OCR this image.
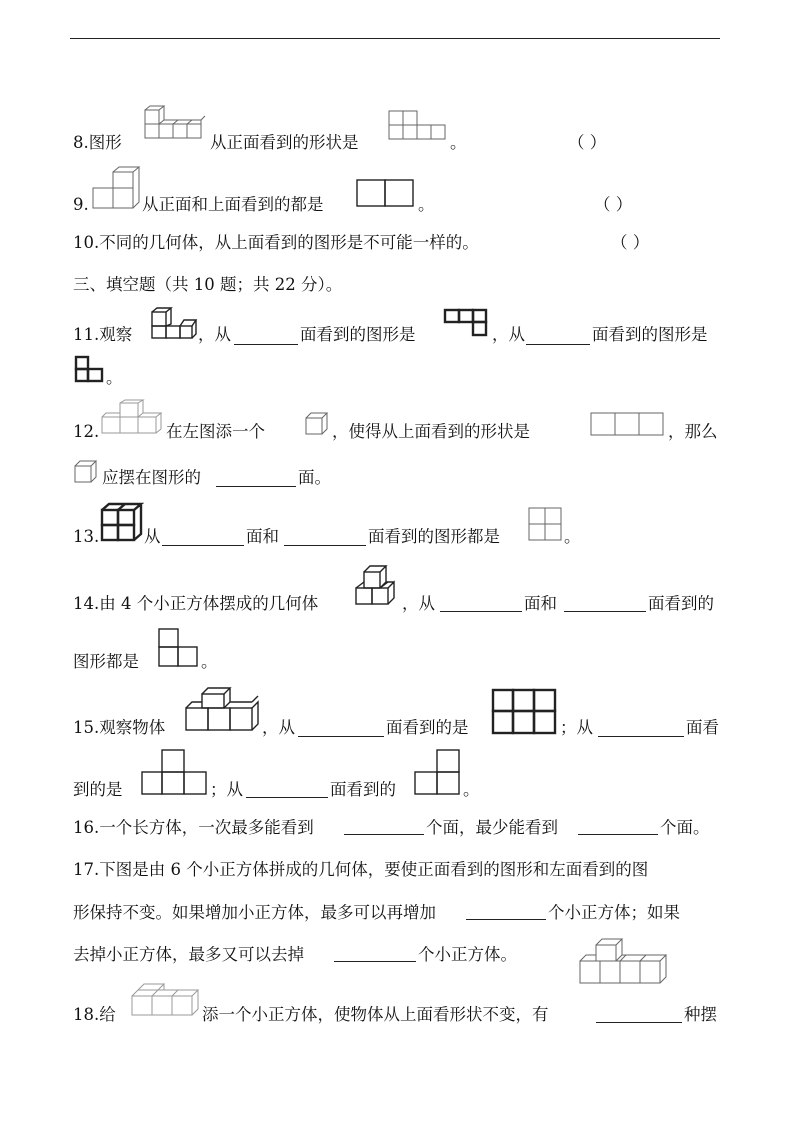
8.图形	从正面看到的形状是	。	（ ）
9.	从正面和上面看到的都是	。	（ ）
10.不同的几何体，从上面看到的图形是不可能一样的。	（ ）
三、填空题（共 10 题；共 22 分）。
11.观察	，从	面看到的图形是	，从	面看到的图形是
。
12.	在左图添一个	，使得从上面看到的形状是	，那么
应摆在图形的	面。
13.	从	面和	面看到的图形都是	。
14.由 4 个小正方体摆成的几何体	，从	面和	面看到的
图形都是	。
15.观察物体	，从	面看到的是	；从	面看
到的是	；从	面看到的	。
16.一个长方体，一次最多能看到	个面，最少能看到	个面。
17.下图是由 6 个小正方体拼成的几何体，要使正面看到的图形和左面看到的图
形保持不变。如果增加小正方体，最多可以再增加	个小正方体；如果
去掉小正方体，最多又可以去掉	个小正方体。
18.给	添一个小正方体，使物体从上面看形状不变，有	种摆
